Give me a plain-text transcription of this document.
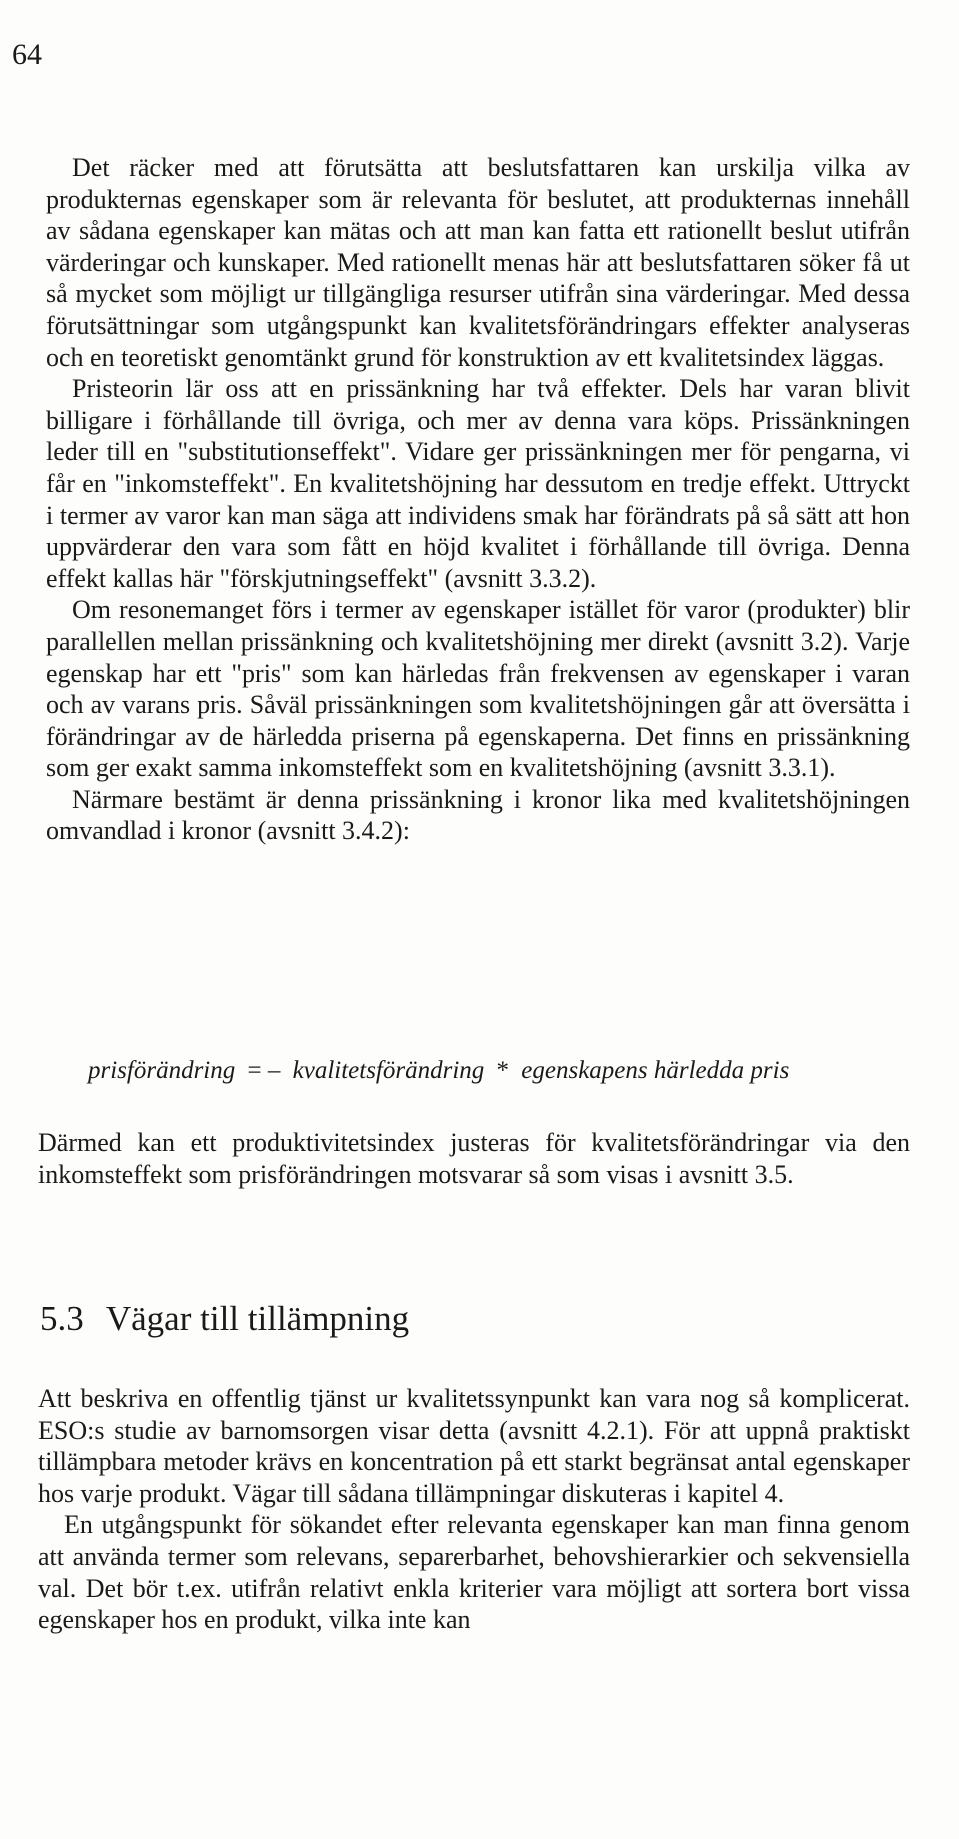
64

Det räcker med att förutsätta att beslutsfattaren kan urskilja vilka av produkternas egenskaper som är relevanta för beslutet, att produkternas innehåll av sådana egenskaper kan mätas och att man kan fatta ett rationellt beslut utifrån värderingar och kunskaper. Med rationellt menas här att beslutsfattaren söker få ut så mycket som möjligt ur tillgängliga resurser utifrån sina värderingar. Med dessa förutsättningar som utgångspunkt kan kvalitetsförändringars effekter analyseras och en teoretiskt genomtänkt grund för konstruktion av ett kvalitetsindex läggas.

Pristeorin lär oss att en prissänkning har två effekter. Dels har varan blivit billigare i förhållande till övriga, och mer av denna vara köps. Prissänkningen leder till en "substitutionseffekt". Vidare ger prissänkningen mer för pengarna, vi får en "inkomsteffekt". En kvalitetshöjning har dessutom en tredje effekt. Uttryckt i termer av varor kan man säga att individens smak har förändrats på så sätt att hon uppvärderar den vara som fått en höjd kvalitet i förhållande till övriga. Denna effekt kallas här "förskjutningseffekt" (avsnitt 3.3.2).

Om resonemanget förs i termer av egenskaper istället för varor (produkter) blir parallellen mellan prissänkning och kvalitetshöjning mer direkt (avsnitt 3.2). Varje egenskap har ett "pris" som kan härledas från frekvensen av egenskaper i varan och av varans pris. Såväl prissänkningen som kvalitetshöjningen går att översätta i förändringar av de härledda priserna på egenskaperna. Det finns en prissänkning som ger exakt samma inkomsteffekt som en kvalitetshöjning (avsnitt 3.3.1).

Närmare bestämt är denna prissänkning i kronor lika med kvalitetshöjningen omvandlad i kronor (avsnitt 3.4.2):

prisförändring = – kvalitetsförändring * egenskapens härledda pris

Därmed kan ett produktivitetsindex justeras för kvalitetsförändringar via den inkomsteffekt som prisförändringen motsvarar så som visas i avsnitt 3.5.

5.3 Vägar till tillämpning

Att beskriva en offentlig tjänst ur kvalitetssynpunkt kan vara nog så komplicerat. ESO:s studie av barnomsorgen visar detta (avsnitt 4.2.1). För att uppnå praktiskt tillämpbara metoder krävs en koncentration på ett starkt begränsat antal egenskaper hos varje produkt. Vägar till sådana tillämpningar diskuteras i kapitel 4.

En utgångspunkt för sökandet efter relevanta egenskaper kan man finna genom att använda termer som relevans, separerbarhet, behovshierarkier och sekvensiella val. Det bör t.ex. utifrån relativt enkla kriterier vara möjligt att sortera bort vissa egenskaper hos en produkt, vilka inte kan
